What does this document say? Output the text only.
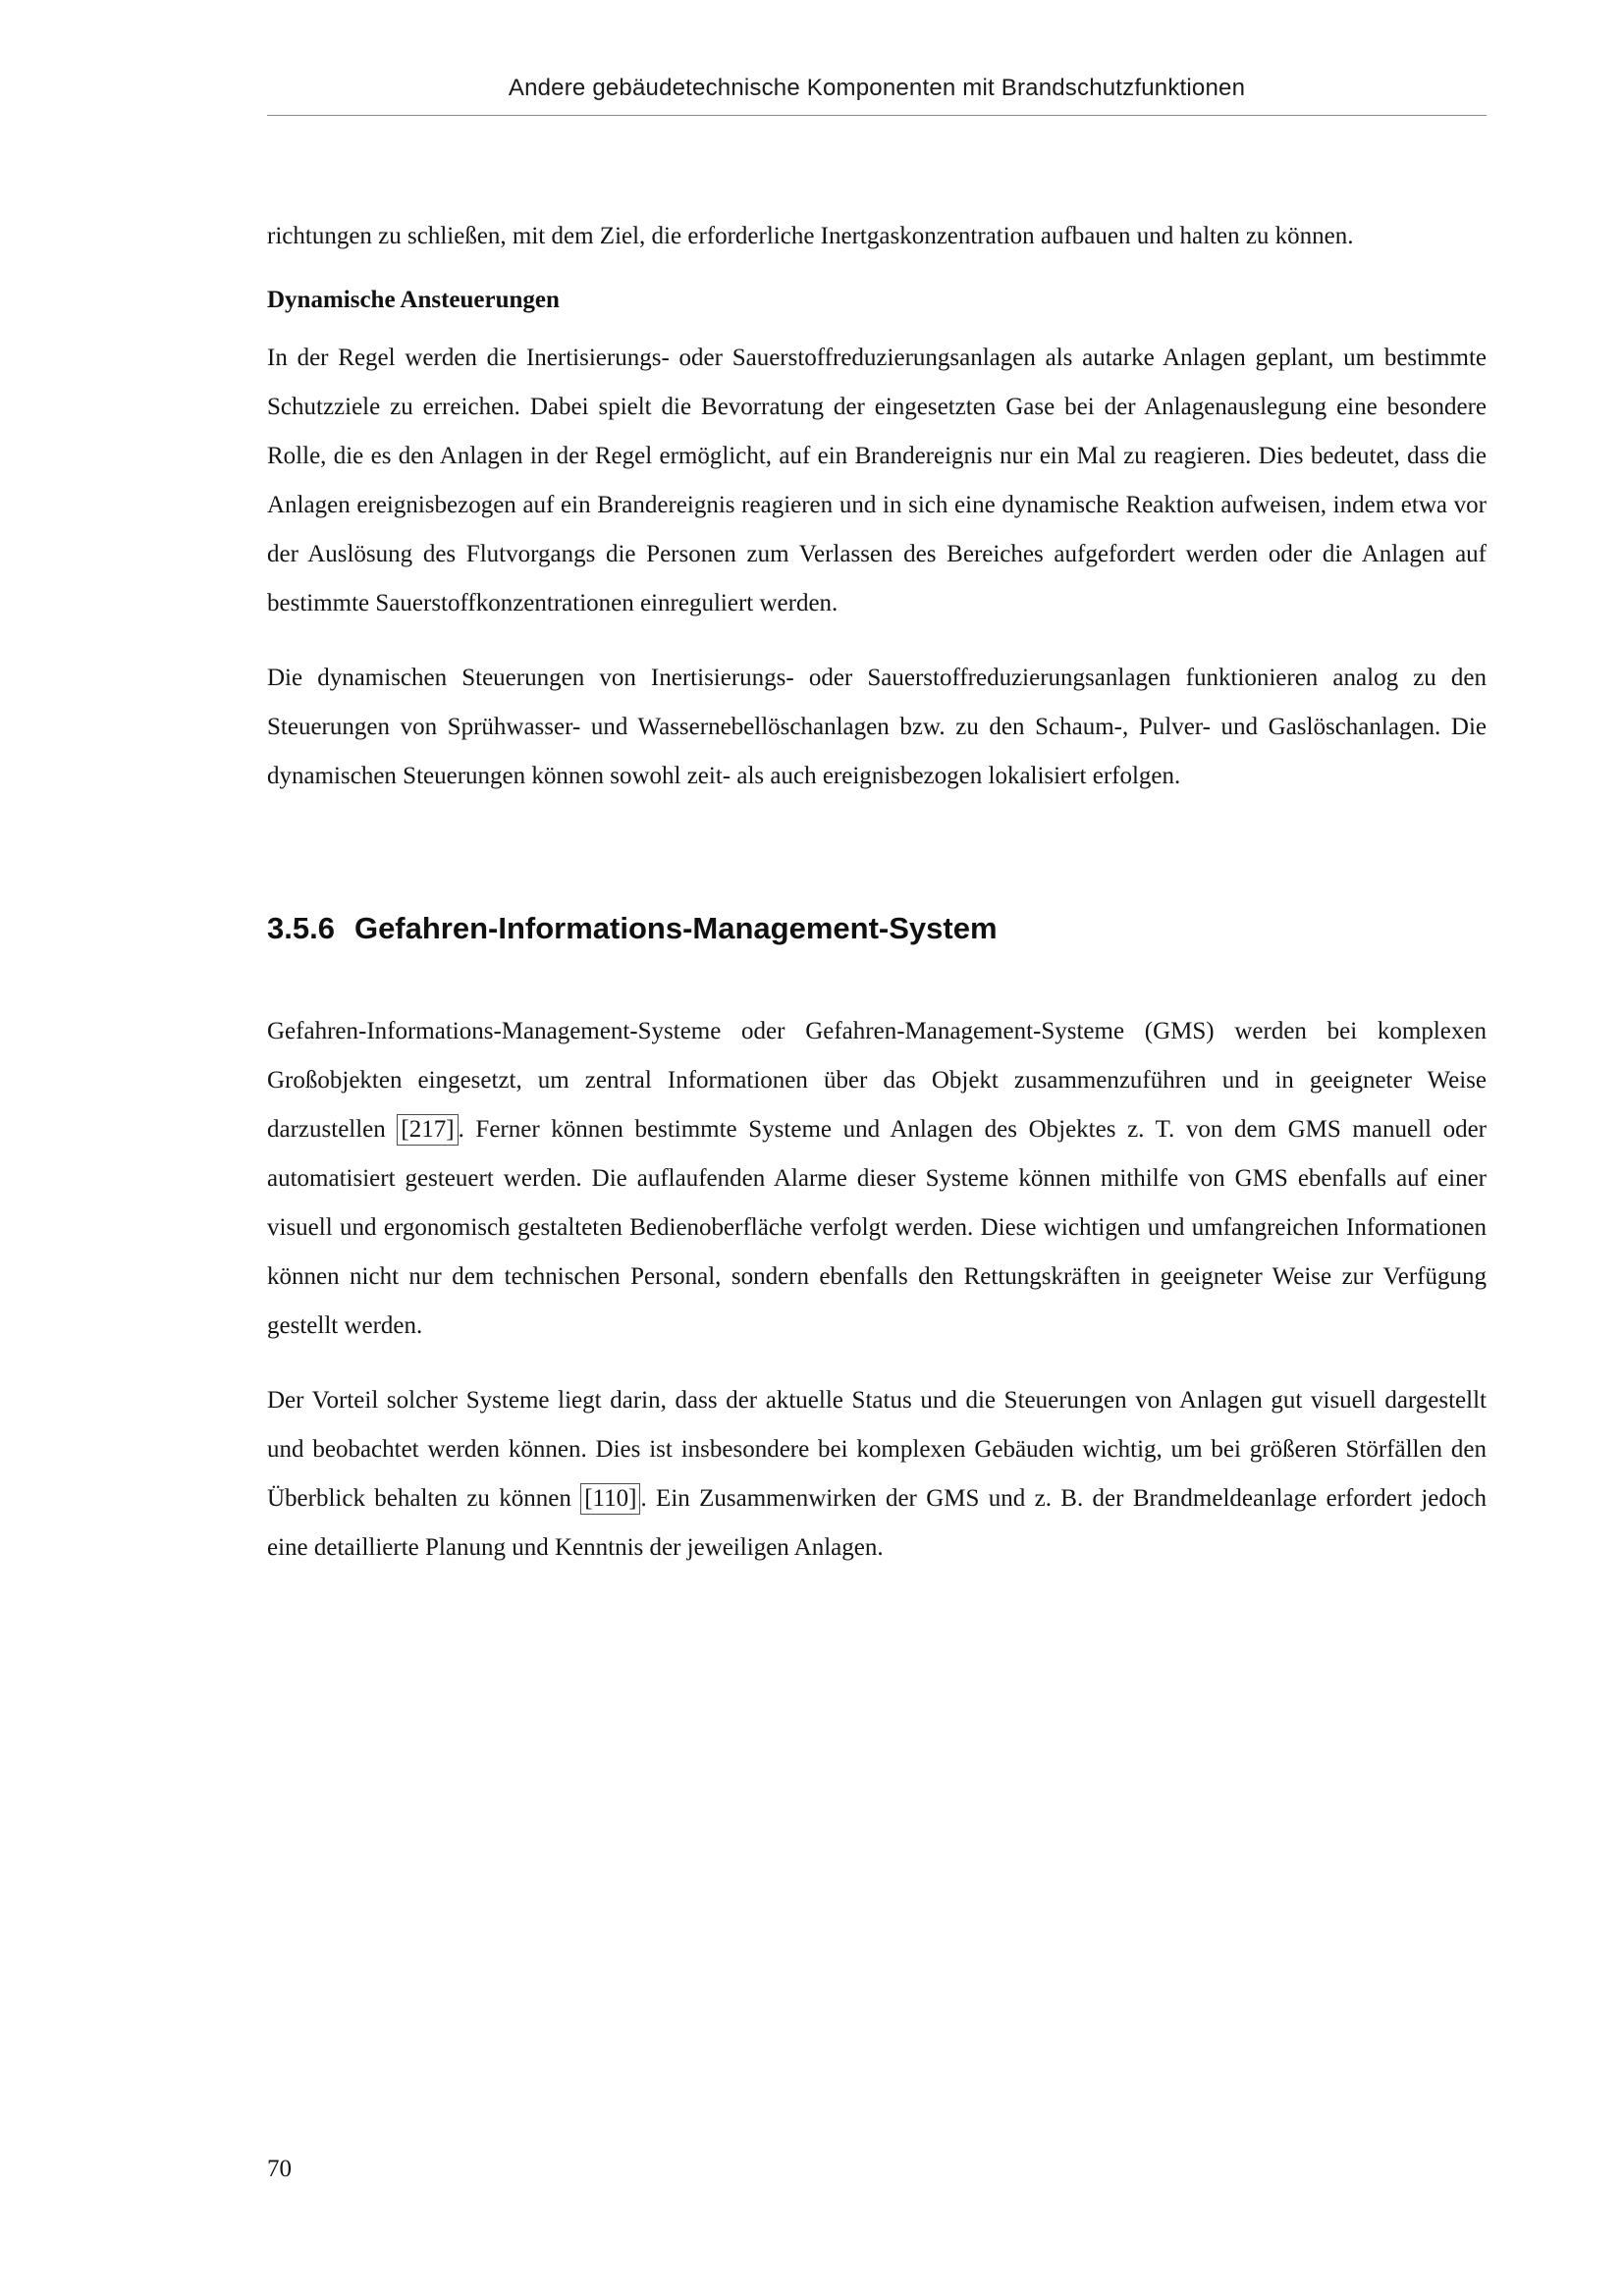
Andere gebäudetechnische Komponenten mit Brandschutzfunktionen

richtungen zu schließen, mit dem Ziel, die erforderliche Inertgaskonzentration aufbauen und halten zu können.

Dynamische Ansteuerungen

In der Regel werden die Inertisierungs- oder Sauerstoffreduzierungsanlagen als autarke Anlagen geplant, um bestimmte Schutzziele zu erreichen. Dabei spielt die Bevorratung der eingesetzten Gase bei der Anlagenauslegung eine besondere Rolle, die es den Anlagen in der Regel ermöglicht, auf ein Brandereignis nur ein Mal zu reagieren. Dies bedeutet, dass die Anlagen ereignisbezogen auf ein Brandereignis reagieren und in sich eine dynamische Reaktion aufweisen, indem etwa vor der Auslösung des Flutvorgangs die Personen zum Verlassen des Bereiches aufgefordert werden oder die Anlagen auf bestimmte Sauerstoffkonzentrationen einreguliert werden.

Die dynamischen Steuerungen von Inertisierungs- oder Sauerstoffreduzierungsanlagen funktionieren analog zu den Steuerungen von Sprühwasser- und Wassernebellöschanlagen bzw. zu den Schaum-, Pulver- und Gaslöschanlagen. Die dynamischen Steuerungen können sowohl zeit- als auch ereignisbezogen lokalisiert erfolgen.

3.5.6 Gefahren-Informations-Management-System

Gefahren-Informations-Management-Systeme oder Gefahren-Management-Systeme (GMS) werden bei komplexen Großobjekten eingesetzt, um zentral Informationen über das Objekt zusammenzuführen und in geeigneter Weise darzustellen [217] . Ferner können bestimmte Systeme und Anlagen des Objektes z. T. von dem GMS manuell oder automatisiert gesteuert werden. Die auflaufenden Alarme dieser Systeme können mithilfe von GMS ebenfalls auf einer visuell und ergonomisch gestalteten Bedienoberfläche verfolgt werden. Diese wichtigen und umfangreichen Informationen können nicht nur dem technischen Personal, sondern ebenfalls den Rettungskräften in geeigneter Weise zur Verfügung gestellt werden.

Der Vorteil solcher Systeme liegt darin, dass der aktuelle Status und die Steuerungen von Anlagen gut visuell dargestellt und beobachtet werden können. Dies ist insbesondere bei komplexen Gebäuden wichtig, um bei größeren Störfällen den Überblick behalten zu können [110] . Ein Zusammenwirken der GMS und z. B. der Brandmeldeanlage erfordert jedoch eine detaillierte Planung und Kenntnis der jeweiligen Anlagen.

70
